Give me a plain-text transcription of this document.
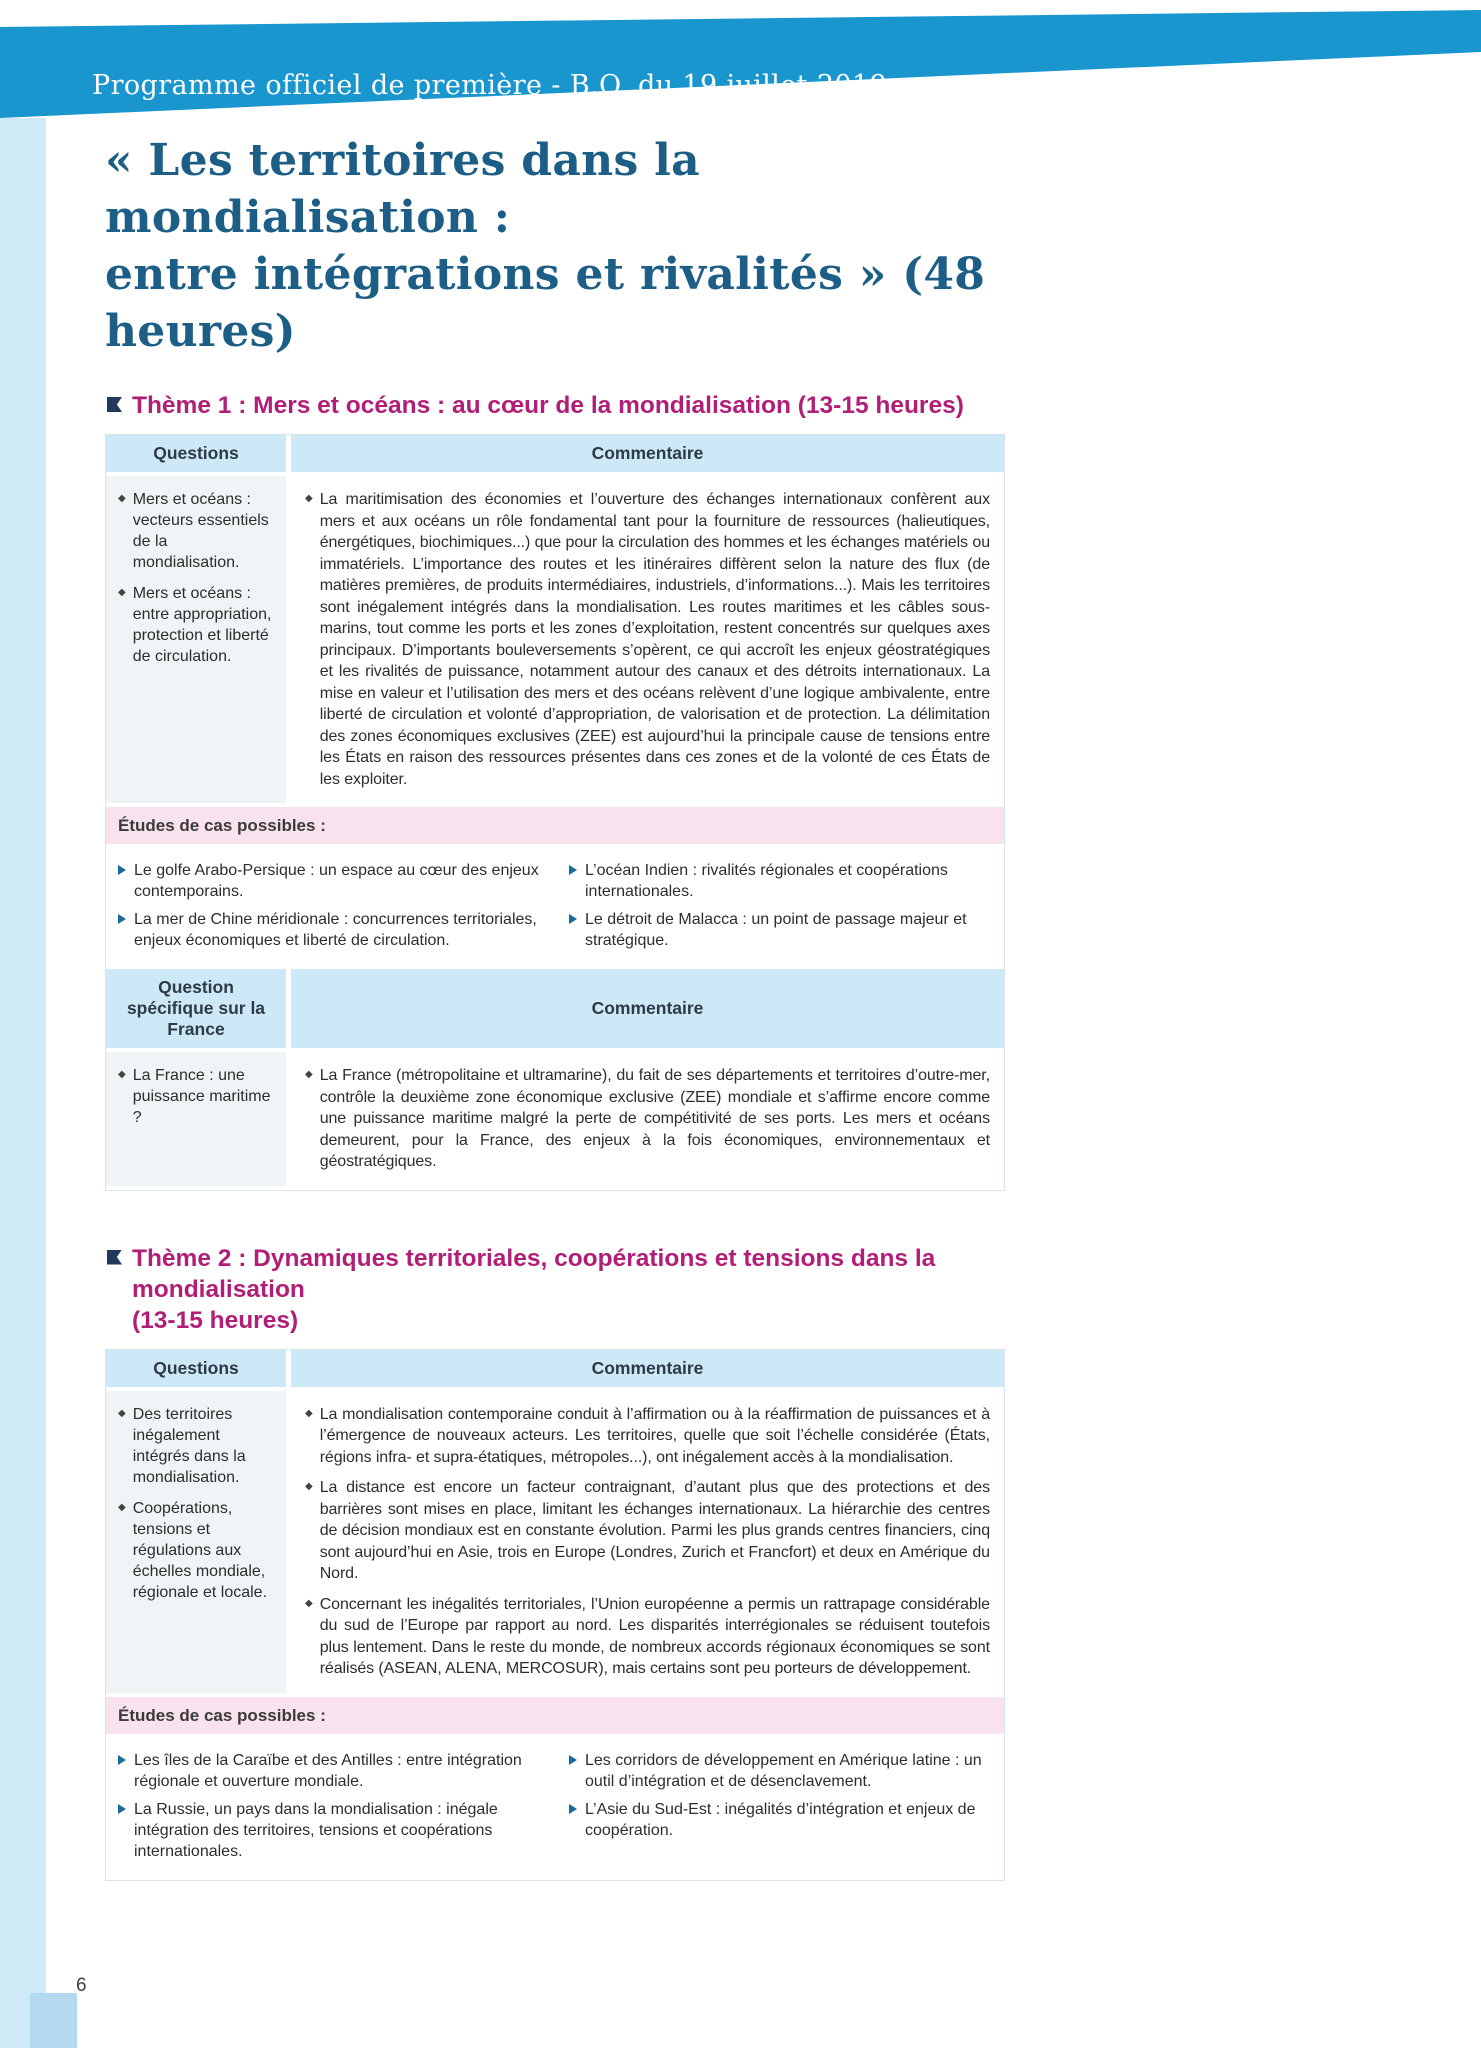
Programme officiel de première - B.O. du 19 juillet 2019
6
« Les territoires dans la mondialisation :
entre intégrations et rivalités » (48 heures)
Thème 1 : Mers et océans : au cœur de la mondialisation (13-15 heures)
Questions	Commentaire
◆ Mers et océans : vecteurs essentiels de la mondialisation.
◆ Mers et océans : entre appropriation, protection et liberté de circulation.
◆ La maritimisation des économies et l’ouverture des échanges internationaux confèrent aux mers et aux océans un rôle fondamental tant pour la fourniture de ressources (halieutiques, énergétiques, biochimiques...) que pour la circulation des hommes et les échanges matériels ou immatériels. L’importance des routes et les itinéraires diffèrent selon la nature des flux (de matières premières, de produits intermédiaires, industriels, d’informations...). Mais les territoires sont inégalement intégrés dans la mondialisation. Les routes maritimes et les câbles sous-marins, tout comme les ports et les zones d’exploitation, restent concentrés sur quelques axes principaux. D’importants bouleversements s’opèrent, ce qui accroît les enjeux géostratégiques et les rivalités de puissance, notamment autour des canaux et des détroits internationaux. La mise en valeur et l’utilisation des mers et des océans relèvent d’une logique ambivalente, entre liberté de circulation et volonté d’appropriation, de valorisation et de protection. La délimitation des zones économiques exclusives (ZEE) est aujourd’hui la principale cause de tensions entre les États en raison des ressources présentes dans ces zones et de la volonté de ces États de les exploiter.
Études de cas possibles :
Le golfe Arabo-Persique : un espace au cœur des enjeux contemporains.
La mer de Chine méridionale : concurrences territoriales, enjeux économiques et liberté de circulation.
L’océan Indien : rivalités régionales et coopérations internationales.
Le détroit de Malacca : un point de passage majeur et stratégique.
Question spécifique sur la France
Commentaire
◆ La France : une puissance maritime ?
◆ La France (métropolitaine et ultramarine), du fait de ses départements et territoires d’outre-mer, contrôle la deuxième zone économique exclusive (ZEE) mondiale et s’affirme encore comme une puissance maritime malgré la perte de compétitivité de ses ports. Les mers et océans demeurent, pour la France, des enjeux à la fois économiques, environnementaux et géostratégiques.
Thème 2 : Dynamiques territoriales, coopérations et tensions dans la mondialisation
(13-15 heures)
Questions	Commentaire
◆ Des territoires inégalement intégrés dans la mondialisation.
◆ Coopérations, tensions et régulations aux échelles mondiale, régionale et locale.
◆ La mondialisation contemporaine conduit à l’affirmation ou à la réaffirmation de puissances et à l’émergence de nouveaux acteurs. Les territoires, quelle que soit l’échelle considérée (États, régions infra- et supra-étatiques, métropoles...), ont inégalement accès à la mondialisation.
◆ La distance est encore un facteur contraignant, d’autant plus que des protections et des barrières sont mises en place, limitant les échanges internationaux. La hiérarchie des centres de décision mondiaux est en constante évolution. Parmi les plus grands centres financiers, cinq sont aujourd’hui en Asie, trois en Europe (Londres, Zurich et Francfort) et deux en Amérique du Nord.
◆ Concernant les inégalités territoriales, l’Union européenne a permis un rattrapage considérable du sud de l’Europe par rapport au nord. Les disparités interrégionales se réduisent toutefois plus lentement. Dans le reste du monde, de nombreux accords régionaux économiques se sont réalisés (ASEAN, ALENA, MERCOSUR), mais certains sont peu porteurs de développement.
Études de cas possibles :
Les îles de la Caraïbe et des Antilles : entre intégration régionale et ouverture mondiale.
La Russie, un pays dans la mondialisation : inégale intégration des territoires, tensions et coopérations internationales.
Les corridors de développement en Amérique latine : un outil d’intégration et de désenclavement.
L’Asie du Sud-Est : inégalités d’intégration et enjeux de coopération.
